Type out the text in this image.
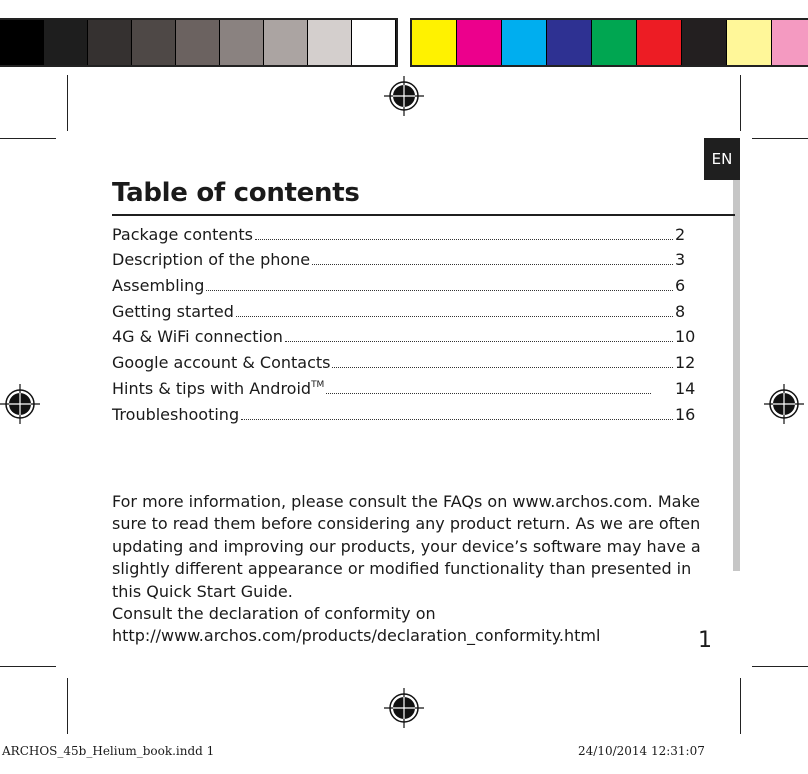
EN
Table of contents
Package contents	2
Description of the phone	3
Assembling	6
Getting started	8
4G & WiFi connection	10
Google account & Contacts	12
Hints & tips with Android™	14
Troubleshooting	16

For more information, please consult the FAQs on www.archos.com. Make sure to read them before considering any product return. As we are often updating and improving our products, your device’s software may have a slightly different appearance or modified functionality than presented in this Quick Start Guide.

Consult the declaration of conformity on http://www.archos.com/products/declaration_conformity.html	1
ARCHOS_45b_Helium_book.indd 1	24/10/2014 12:31:07
